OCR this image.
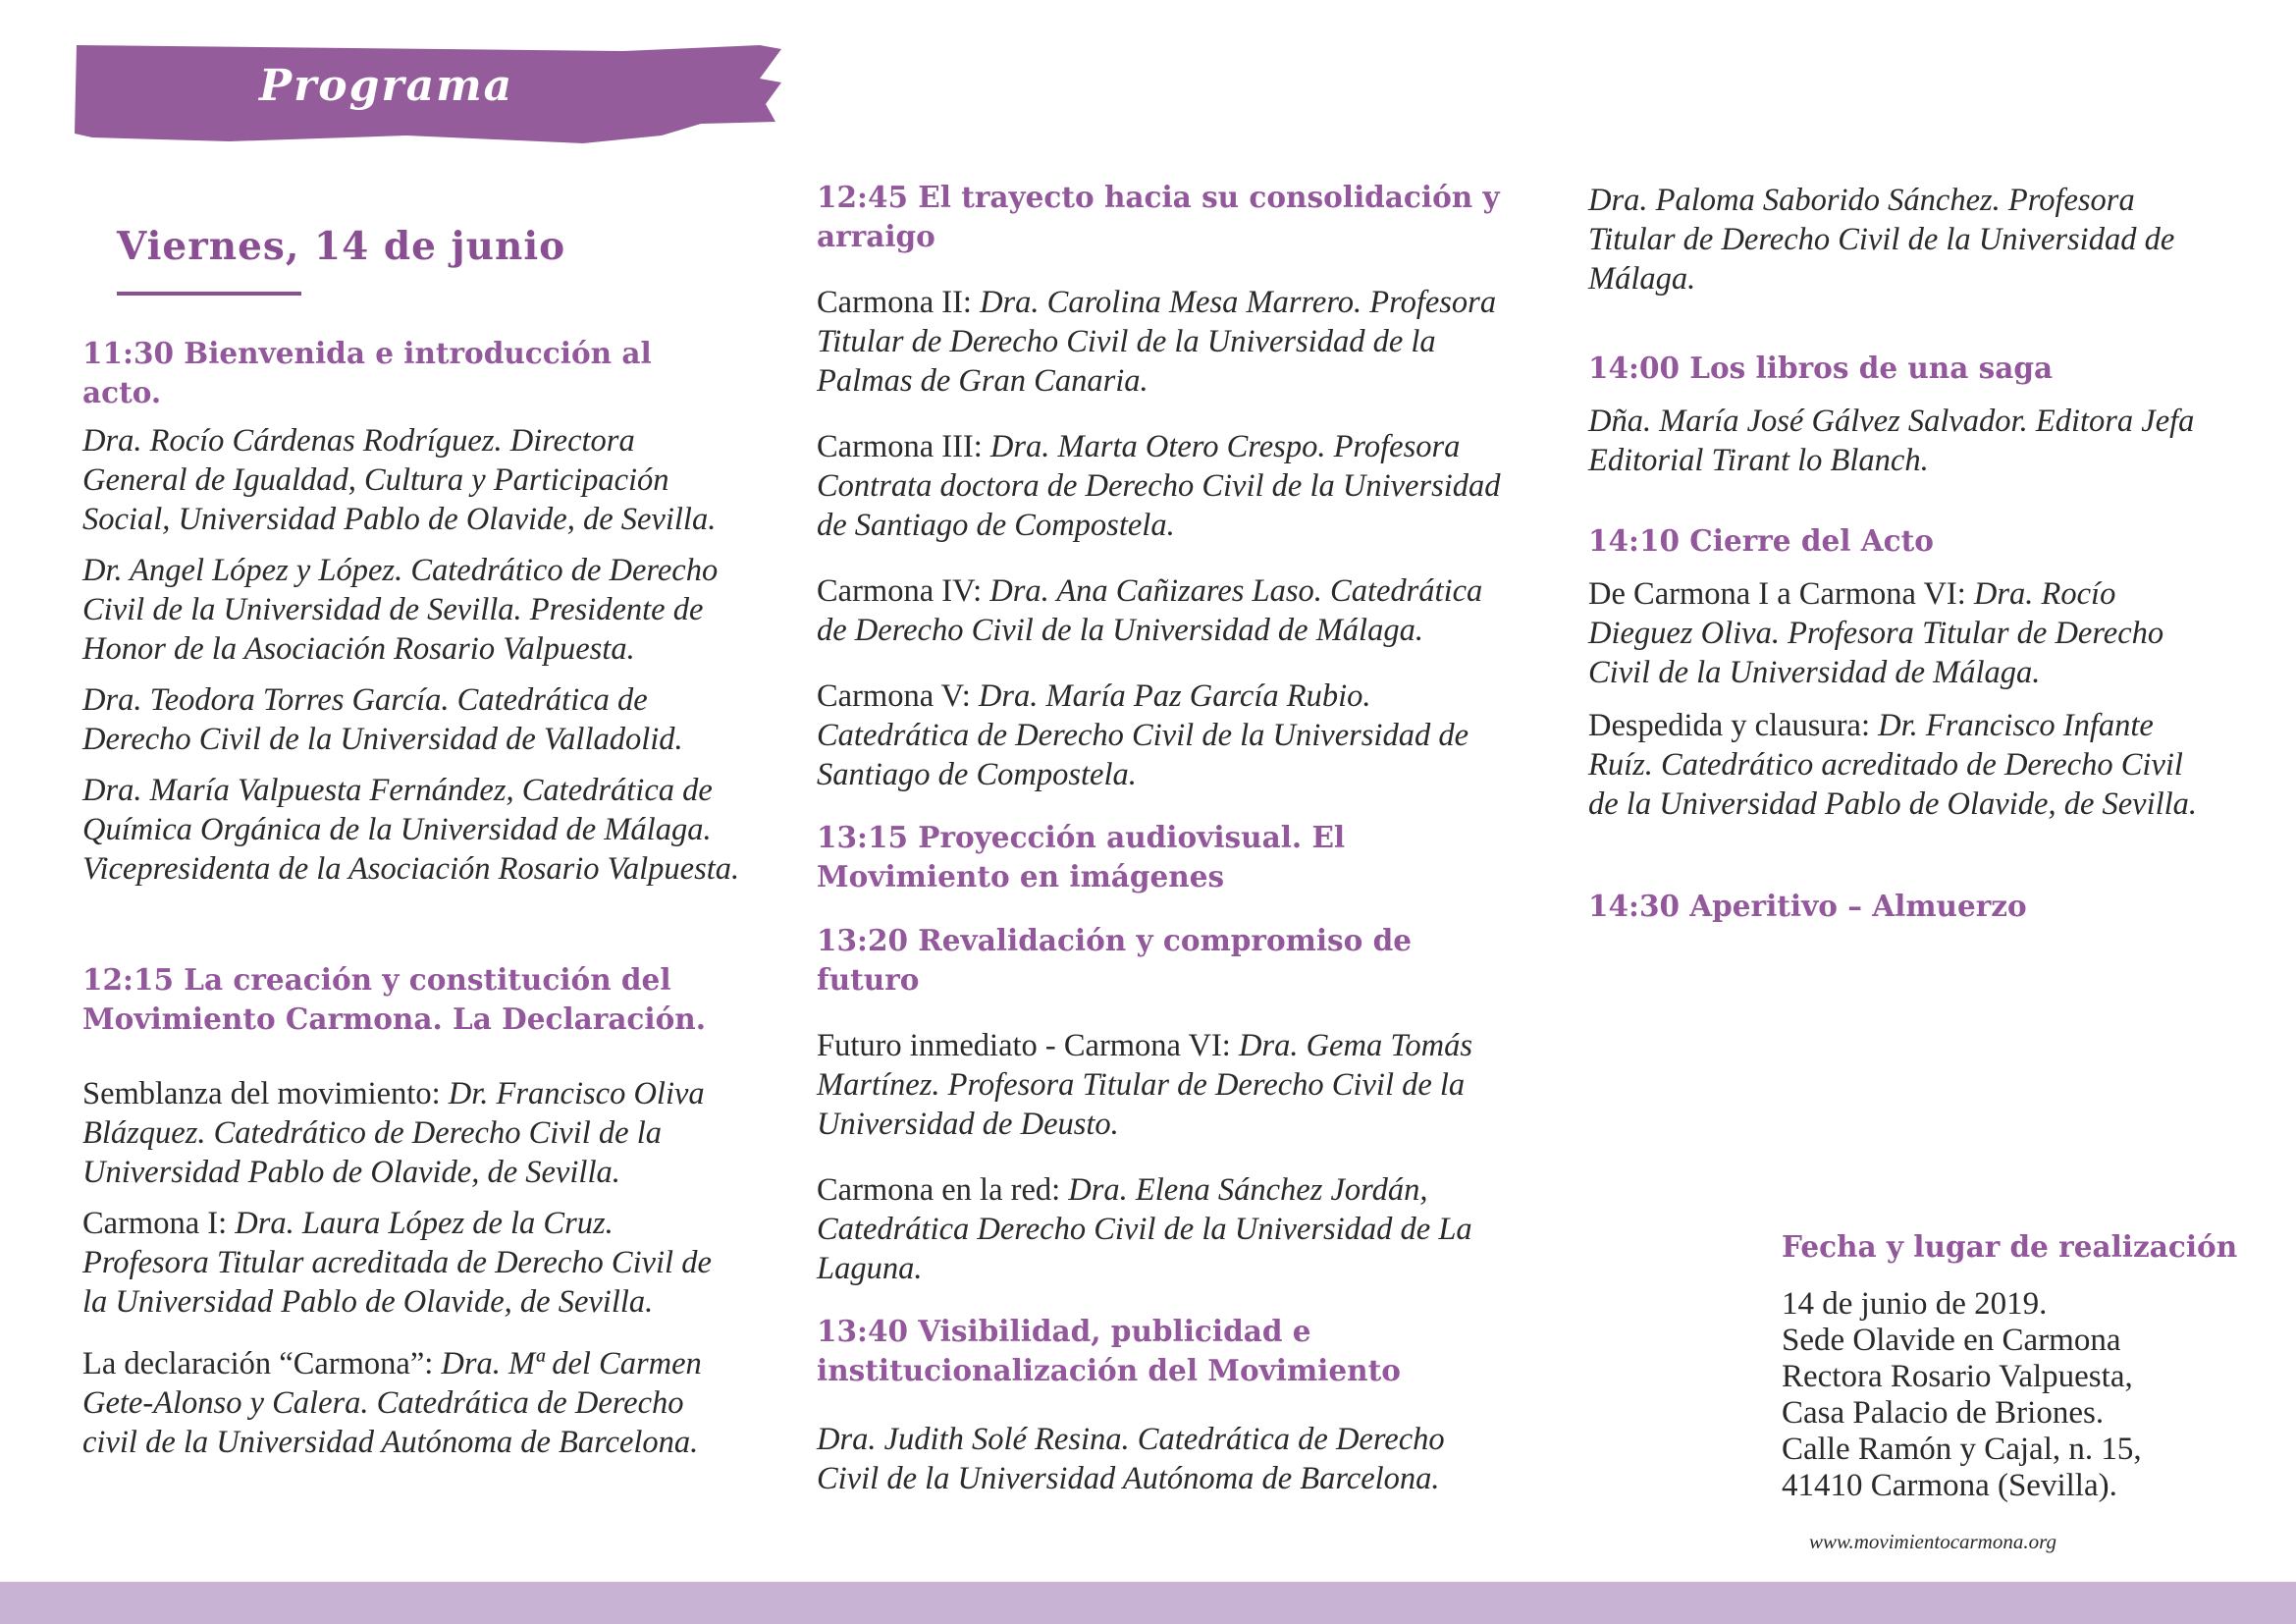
Programa
Viernes, 14 de junio
11:30 Bienvenida e introducción al acto.
Dra. Rocío Cárdenas Rodríguez. Directora General de Igualdad, Cultura y Participación Social, Universidad Pablo de Olavide, de Sevilla.
Dr. Angel López y López. Catedrático de Derecho Civil de la Universidad de Sevilla. Presidente de Honor de la Asociación Rosario Valpuesta.
Dra. Teodora Torres García. Catedrática de Derecho Civil de la Universidad de Valladolid.
Dra. María Valpuesta Fernández, Catedrática de Química Orgánica de la Universidad de Málaga. Vicepresidenta de la Asociación Rosario Valpuesta.
12:15 La creación y constitución del Movimiento Carmona. La Declaración.
Semblanza del movimiento: Dr. Francisco Oliva Blázquez. Catedrático de Derecho Civil de la Universidad Pablo de Olavide, de Sevilla.
Carmona I: Dra. Laura López de la Cruz. Profesora Titular acreditada de Derecho Civil de la Universidad Pablo de Olavide, de Sevilla.
La declaración “Carmona”: Dra. Mª del Carmen Gete-Alonso y Calera. Catedrática de Derecho civil de la Universidad Autónoma de Barcelona.
12:45 El trayecto hacia su consolidación y arraigo
Carmona II: Dra. Carolina Mesa Marrero. Profesora Titular de Derecho Civil de la Universidad de la Palmas de Gran Canaria.
Carmona III: Dra. Marta Otero Crespo. Profesora Contrata doctora de Derecho Civil de la Universidad de Santiago de Compostela.
Carmona IV: Dra. Ana Cañizares Laso. Catedrática de Derecho Civil de la Universidad de Málaga.
Carmona V: Dra. María Paz García Rubio. Catedrática de Derecho Civil de la Universidad de Santiago de Compostela.
13:15 Proyección audiovisual. El Movimiento en imágenes
13:20 Revalidación y compromiso de futuro
Futuro inmediato - Carmona VI: Dra. Gema Tomás Martínez. Profesora Titular de Derecho Civil de la Universidad de Deusto.
Carmona en la red: Dra. Elena Sánchez Jordán, Catedrática Derecho Civil de la Universidad de La Laguna.
13:40 Visibilidad, publicidad e institucionalización del Movimiento
Dra. Judith Solé Resina. Catedrática de Derecho Civil de la Universidad Autónoma de Barcelona.
Dra. Paloma Saborido Sánchez. Profesora Titular de Derecho Civil de la Universidad de Málaga.
14:00 Los libros de una saga
Dña. María José Gálvez Salvador. Editora Jefa Editorial Tirant lo Blanch.
14:10 Cierre del Acto
De Carmona I a Carmona VI: Dra. Rocío Dieguez Oliva. Profesora Titular de Derecho Civil de la Universidad de Málaga.
Despedida y clausura: Dr. Francisco Infante Ruíz. Catedrático acreditado de Derecho Civil de la Universidad Pablo de Olavide, de Sevilla.
14:30 Aperitivo – Almuerzo
Fecha y lugar de realización
14 de junio de 2019.
Sede Olavide en Carmona
Rectora Rosario Valpuesta,
Casa Palacio de Briones.
Calle Ramón y Cajal, n. 15,
41410 Carmona (Sevilla).
www.movimientocarmona.org
